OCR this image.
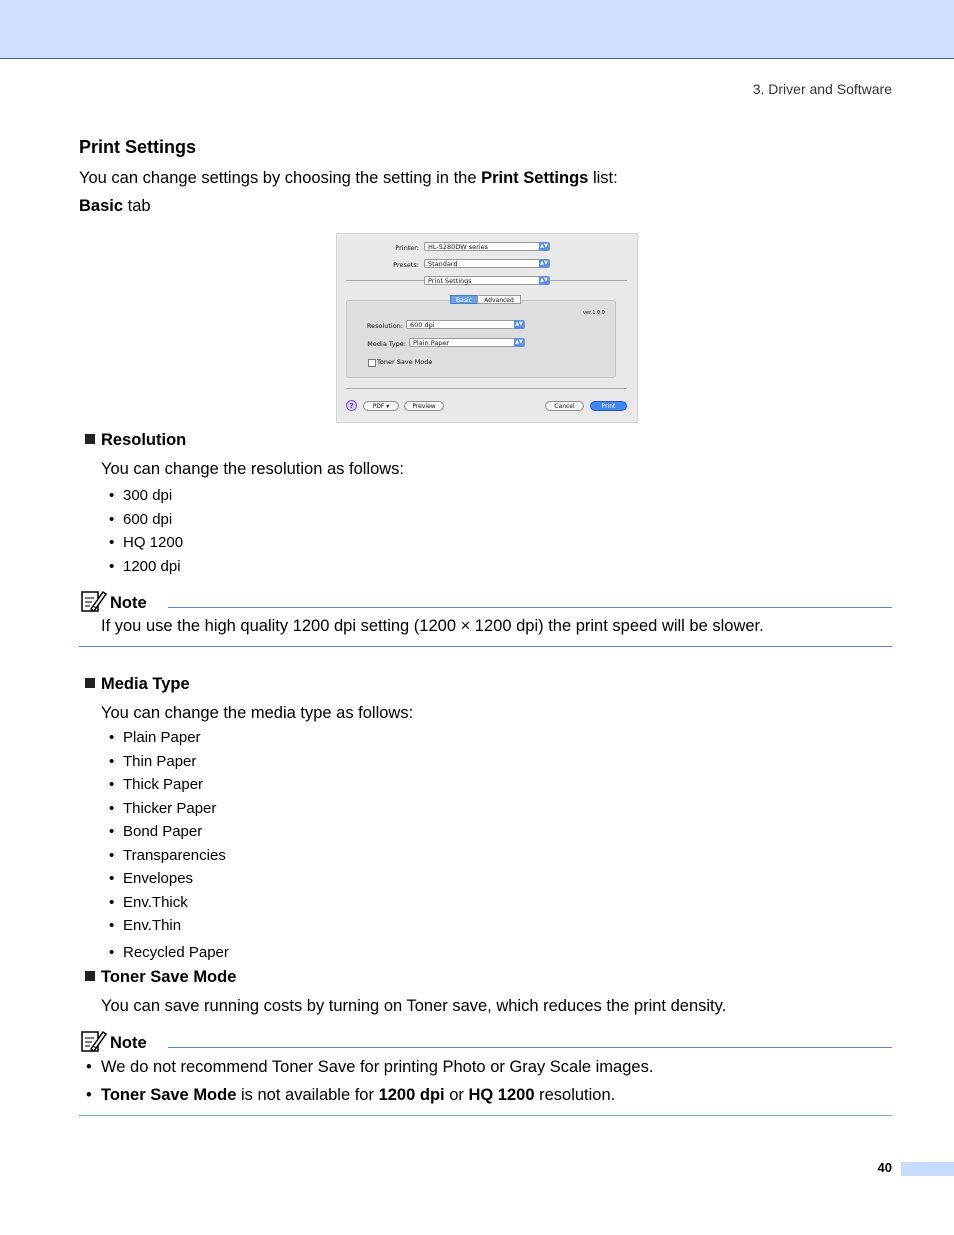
3. Driver and Software
Print Settings
You can change settings by choosing the setting in the Print Settings list:
Basic tab
Printer:	HL-5280DW series	▲▼
Presets:	Standard	▲▼
Print Settings	▲▼
Basic	Advanced
ver.1.0.0
Resolution:	600 dpi	▲▼
Media Type:	Plain Paper	▲▼
Toner Save Mode
?	PDF ▾	Preview	Cancel	Print
Resolution
You can change the resolution as follows:
• 300 dpi
• 600 dpi
• HQ 1200
• 1200 dpi
Note
If you use the high quality 1200 dpi setting (1200 × 1200 dpi) the print speed will be slower.
Media Type
You can change the media type as follows:
• Plain Paper
• Thin Paper
• Thick Paper
• Thicker Paper
• Bond Paper
• Transparencies
• Envelopes
• Env.Thick
• Env.Thin
• Recycled Paper
Toner Save Mode
You can save running costs by turning on Toner save, which reduces the print density.
Note
• We do not recommend Toner Save for printing Photo or Gray Scale images.
• Toner Save Mode is not available for 1200 dpi or HQ 1200 resolution.
40
